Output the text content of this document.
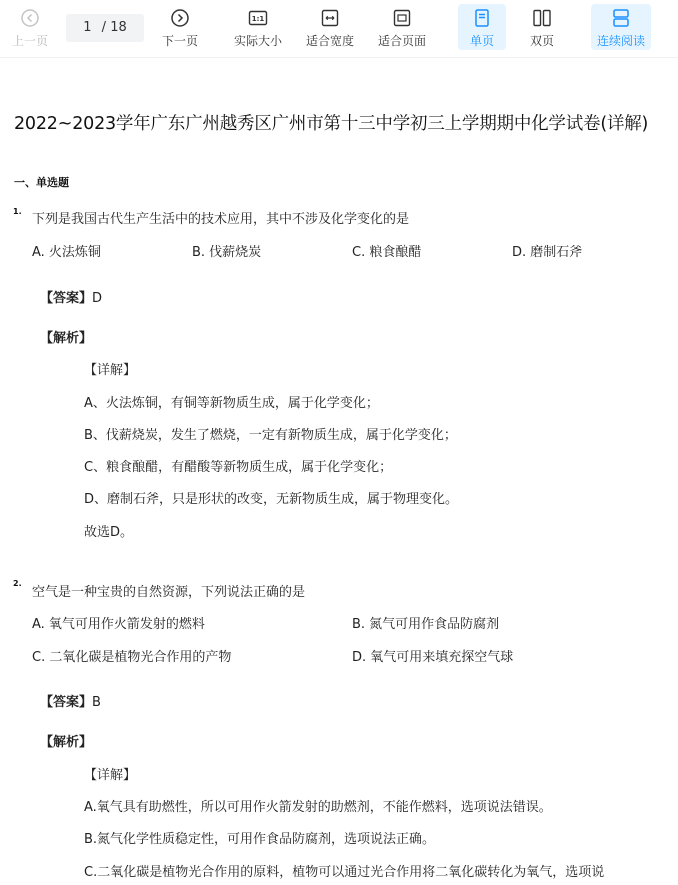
上一页
1 / 18
下一页
1:1
实际大小	适合宽度	适合页面	单页	双页	连续阅读
2022~2023学年广东广州越秀区广州市第十三中学初三上学期期中化学试卷(详解)
一、单选题
1.
下列是我国古代生产生活中的技术应用，其中不涉及化学变化的是
A. 火法炼铜	B. 伐薪烧炭	C. 粮食酿醋	D. 磨制石斧
【答案】D
【解析】
【详解】
A、火法炼铜，有铜等新物质生成，属于化学变化；
B、伐薪烧炭，发生了燃烧，一定有新物质生成，属于化学变化；
C、粮食酿醋，有醋酸等新物质生成，属于化学变化；
D、磨制石斧，只是形状的改变，无新物质生成，属于物理变化。
故选D。
2.
空气是一种宝贵的自然资源，下列说法正确的是
A. 氧气可用作火箭发射的燃料	B. 氮气可用作食品防腐剂
C. 二氧化碳是植物光合作用的产物	D. 氧气可用来填充探空气球
【答案】B
【解析】
【详解】
A.氧气具有助燃性，所以可用作火箭发射的助燃剂，不能作燃料，选项说法错误。
B.氮气化学性质稳定性，可用作食品防腐剂，选项说法正确。
C.二氧化碳是植物光合作用的原料，植物可以通过光合作用将二氧化碳转化为氧气，选项说
